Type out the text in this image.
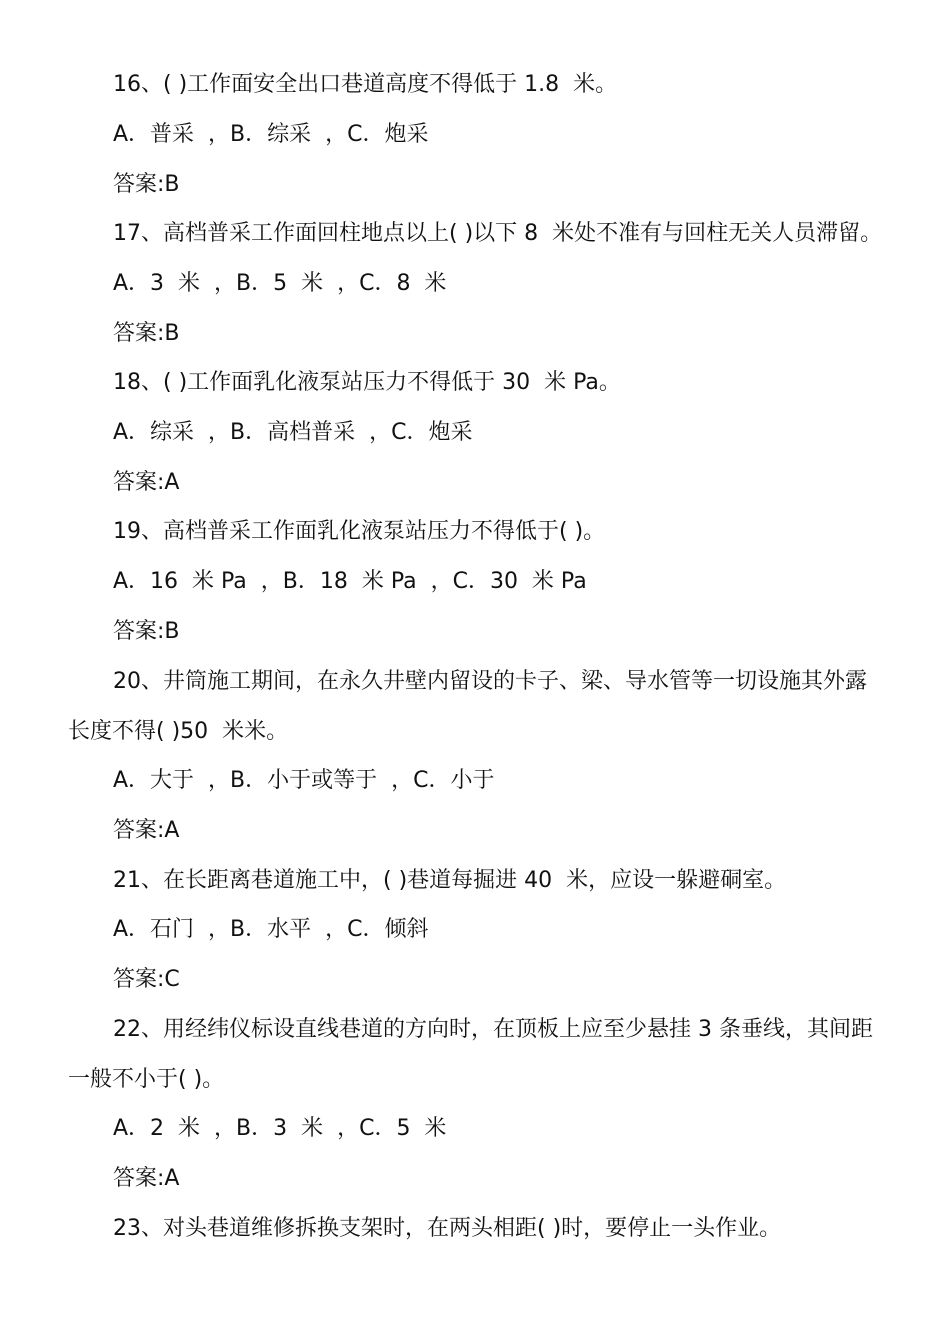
16、( )工作面安全出口巷道高度不得低于 1.8  米。
A．普采  ，B．综采  ，C．炮采
答案:B
17、高档普采工作面回柱地点以上( )以下 8  米处不准有与回柱无关人员滞留。
A．3  米  ，B．5  米  ，C．8  米
答案:B
18、( )工作面乳化液泵站压力不得低于 30  米 Pa。
A．综采  ，B．高档普采  ，C．炮采
答案:A
19、高档普采工作面乳化液泵站压力不得低于( )。
A．16  米 Pa  ，B．18  米 Pa  ，C．30  米 Pa
答案:B
20、井筒施工期间，在永久井壁内留设的卡子、梁、导水管等一切设施其外露
长度不得( )50  米米。
A．大于  ，B．小于或等于  ，C．小于
答案:A
21、在长距离巷道施工中，( )巷道每掘进 40  米，应设一躲避硐室。
A．石门  ，B．水平  ，C．倾斜
答案:C
22、用经纬仪标设直线巷道的方向时，在顶板上应至少悬挂 3 条垂线，其间距
一般不小于( )。
A．2  米  ，B．3  米  ，C．5  米
答案:A
23、对头巷道维修拆换支架时，在两头相距( )时，要停止一头作业。
